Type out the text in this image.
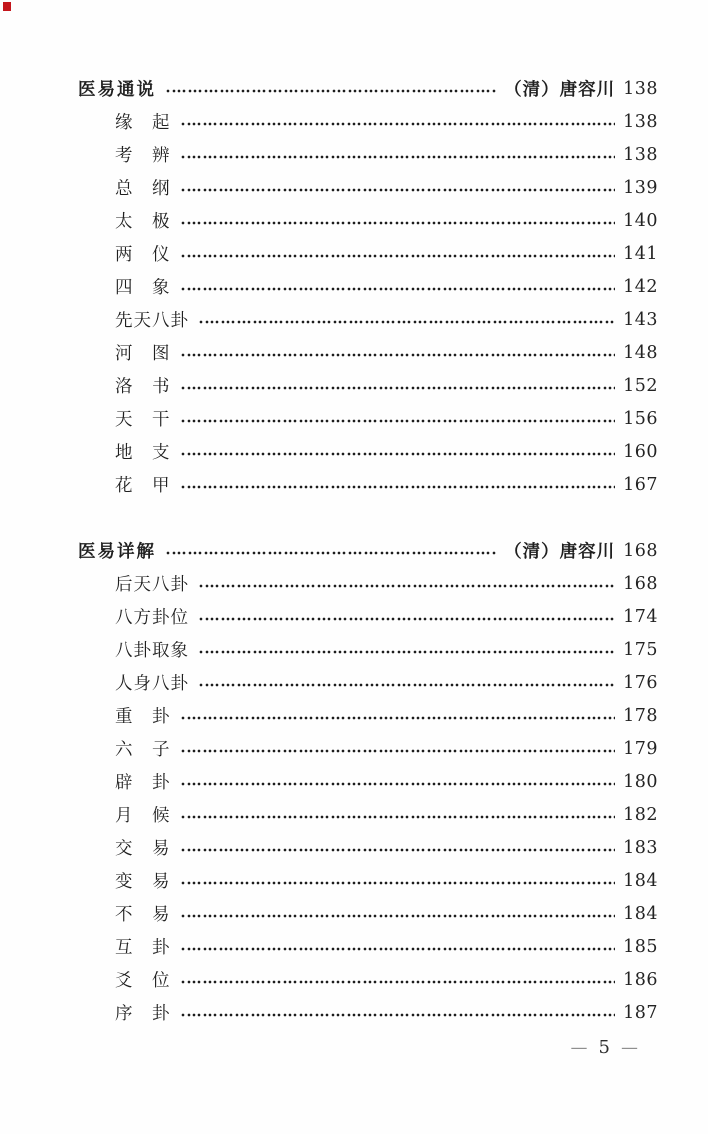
医易通说	（清）唐容川 138
缘　起	138
考　辨	138
总　纲	139
太　极	140
两　仪	141
四　象	142
先天八卦	143
河　图	148
洛　书	152
天　干	156
地　支	160
花　甲	167
医易详解	（清）唐容川 168
后天八卦	168
八方卦位	174
八卦取象	175
人身八卦	176
重　卦	178
六　子	179
辟　卦	180
月　候	182
交　易	183
变　易	184
不　易	184
互　卦	185
爻　位	186
序　卦	187
— 5 —
